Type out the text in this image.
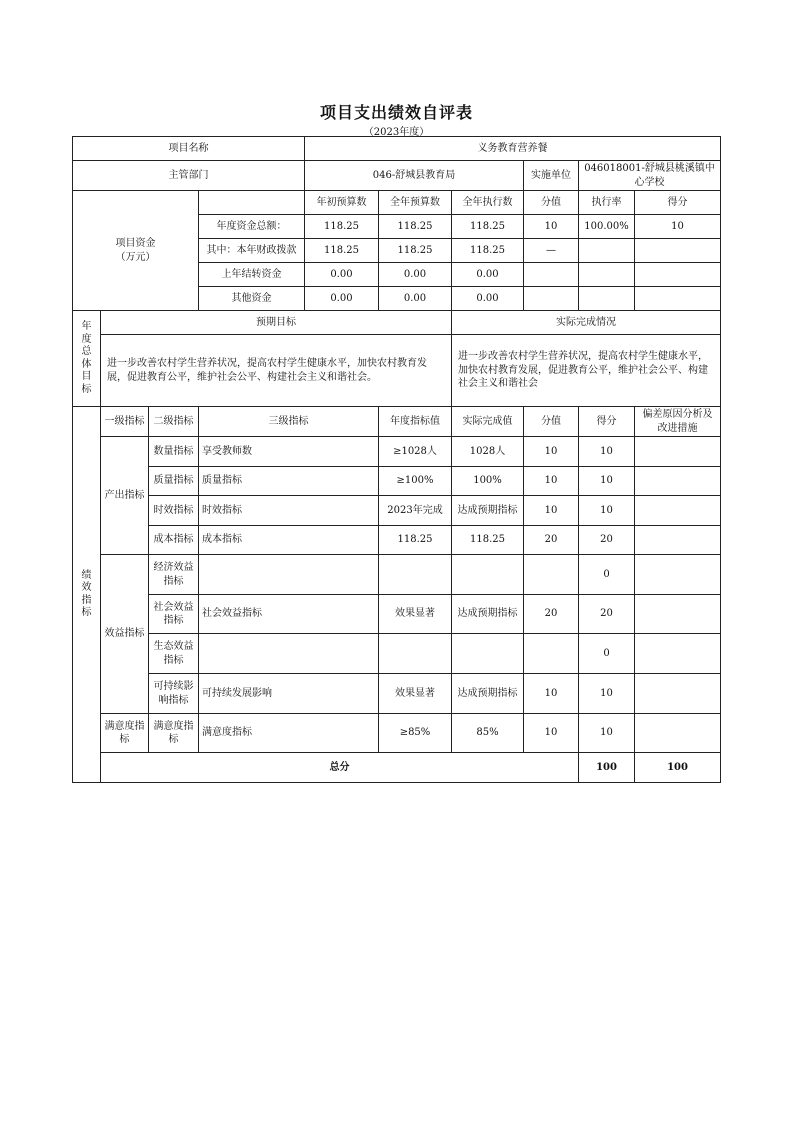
项目支出绩效自评表
（2023年度）
项目名称				义务教育营养餐						
主管部门				046-舒城县教育局			实施单位	046018001-舒城县桃溪镇中心学校		
项目资金
（万元）				年初预算数	全年预算数	全年执行数	分值	执行率	得分	
			年度资金总额：	118.25	118.25	118.25	10	100.00%	10	
			其中：本年财政拨款	118.25	118.25	118.25	—			
			上年结转资金	0.00	0.00	0.00				
			其他资金	0.00	0.00	0.00				

年度总体目标	预期目标					实际完成情况				
	进一步改善农村学生营养状况，提高农村学生健康水平，加快农村教育发展，促进教育公平，维护社会公平、构建社会主义和谐社会。					进一步改善农村学生营养状况，提高农村学生健康水平，加快农村教育发展，促进教育公平，维护社会公平、构建社会主义和谐社会				

绩效指标	一级指标	二级指标	三级指标		年度指标值	实际完成值	分值	得分	偏差原因分析及改进措施	
	产出指标	数量指标	享受教师数		≥1028人	1028人	10	10		
		质量指标	质量指标		≥100%	100%	10	10		
		时效指标	时效指标		2023年完成	达成预期指标	10	10		
		成本指标	成本指标		118.25	118.25	20	20		
	效益指标	经济效益指标						0		
		社会效益指标	社会效益指标		效果显著	达成预期指标	20	20		
		生态效益指标						0		
		可持续影响指标	可持续发展影响		效果显著	达成预期指标	10	10		
	满意度指标	满意度指标	满意度指标		≥85%	85%	10	10		
	总分							100	100	
